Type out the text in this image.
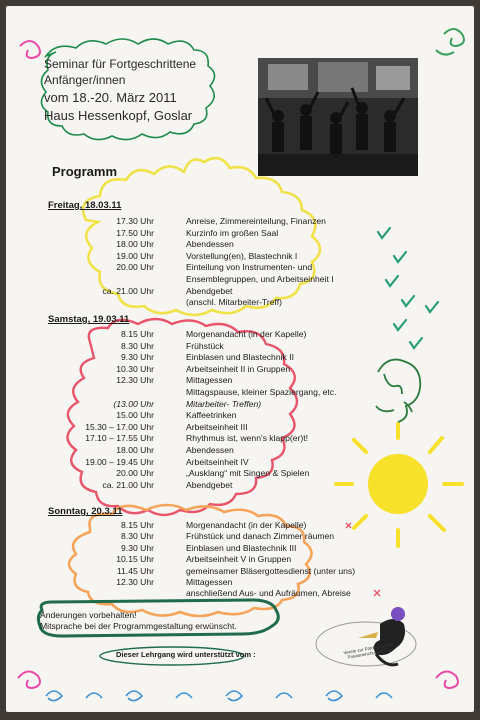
Seminar für Fortgeschrittene
Anfänger/innen
vom 18.-20. März 2011
Haus Hessenkopf, Goslar
Programm
Freitag, 18.03.11
Samstag, 19.03.11
Sonntag, 20.3.11
17.30 Uhr	Anreise, Zimmereinteilung, Finanzen
17.50 Uhr	Kurzinfo im großen Saal
18.00 Uhr	Abendessen
19.00 Uhr	Vorstellung(en), Blastechnik I
20.00 Uhr	Einteilung von Instrumenten- und
Ensemblegruppen, und Arbeitseinheit I
ca. 21.00 Uhr	Abendgebet
(anschl. Mitarbeiter-Treff)
8.15 Uhr	Morgenandacht (in der Kapelle)
8.30 Uhr	Frühstück
9.30 Uhr	Einblasen und Blastechnik II
10.30 Uhr	Arbeitseinheit II in Gruppen
12.30 Uhr	Mittagessen
Mittagspause, kleiner Spaziergang, etc.
(13.00 Uhr	Mitarbeiter- Treffen)
15.00 Uhr	Kaffeetrinken
15.30 – 17.00 Uhr	Arbeitseinheit III
17.10 – 17.55 Uhr	Rhythmus ist, wenn's klapp(er)t!
18.00 Uhr	Abendessen
19.00 – 19.45 Uhr	Arbeitseinheit IV
20.00 Uhr	„Ausklang“ mit Singen & Spielen
ca. 21.00 Uhr	Abendgebet
8.15 Uhr	Morgenandacht (in der Kapelle)
8.30 Uhr	Frühstück und danach Zimmer räumen
9.30 Uhr	Einblasen und Blastechnik III
10.15 Uhr	Arbeitseinheit V in Gruppen
11.45 Uhr	gemeinsamer Bläsergottesdienst (unter uns)
12.30 Uhr	Mittagessen
anschließend Aus- und Aufräumen, Abreise
Änderungen vorbehalten!
Mitsprache bei der Programmgestaltung erwünscht.
Dieser Lehrgang wird unterstützt vom :	Verein zur Förderung des Posaunenchorwesens
